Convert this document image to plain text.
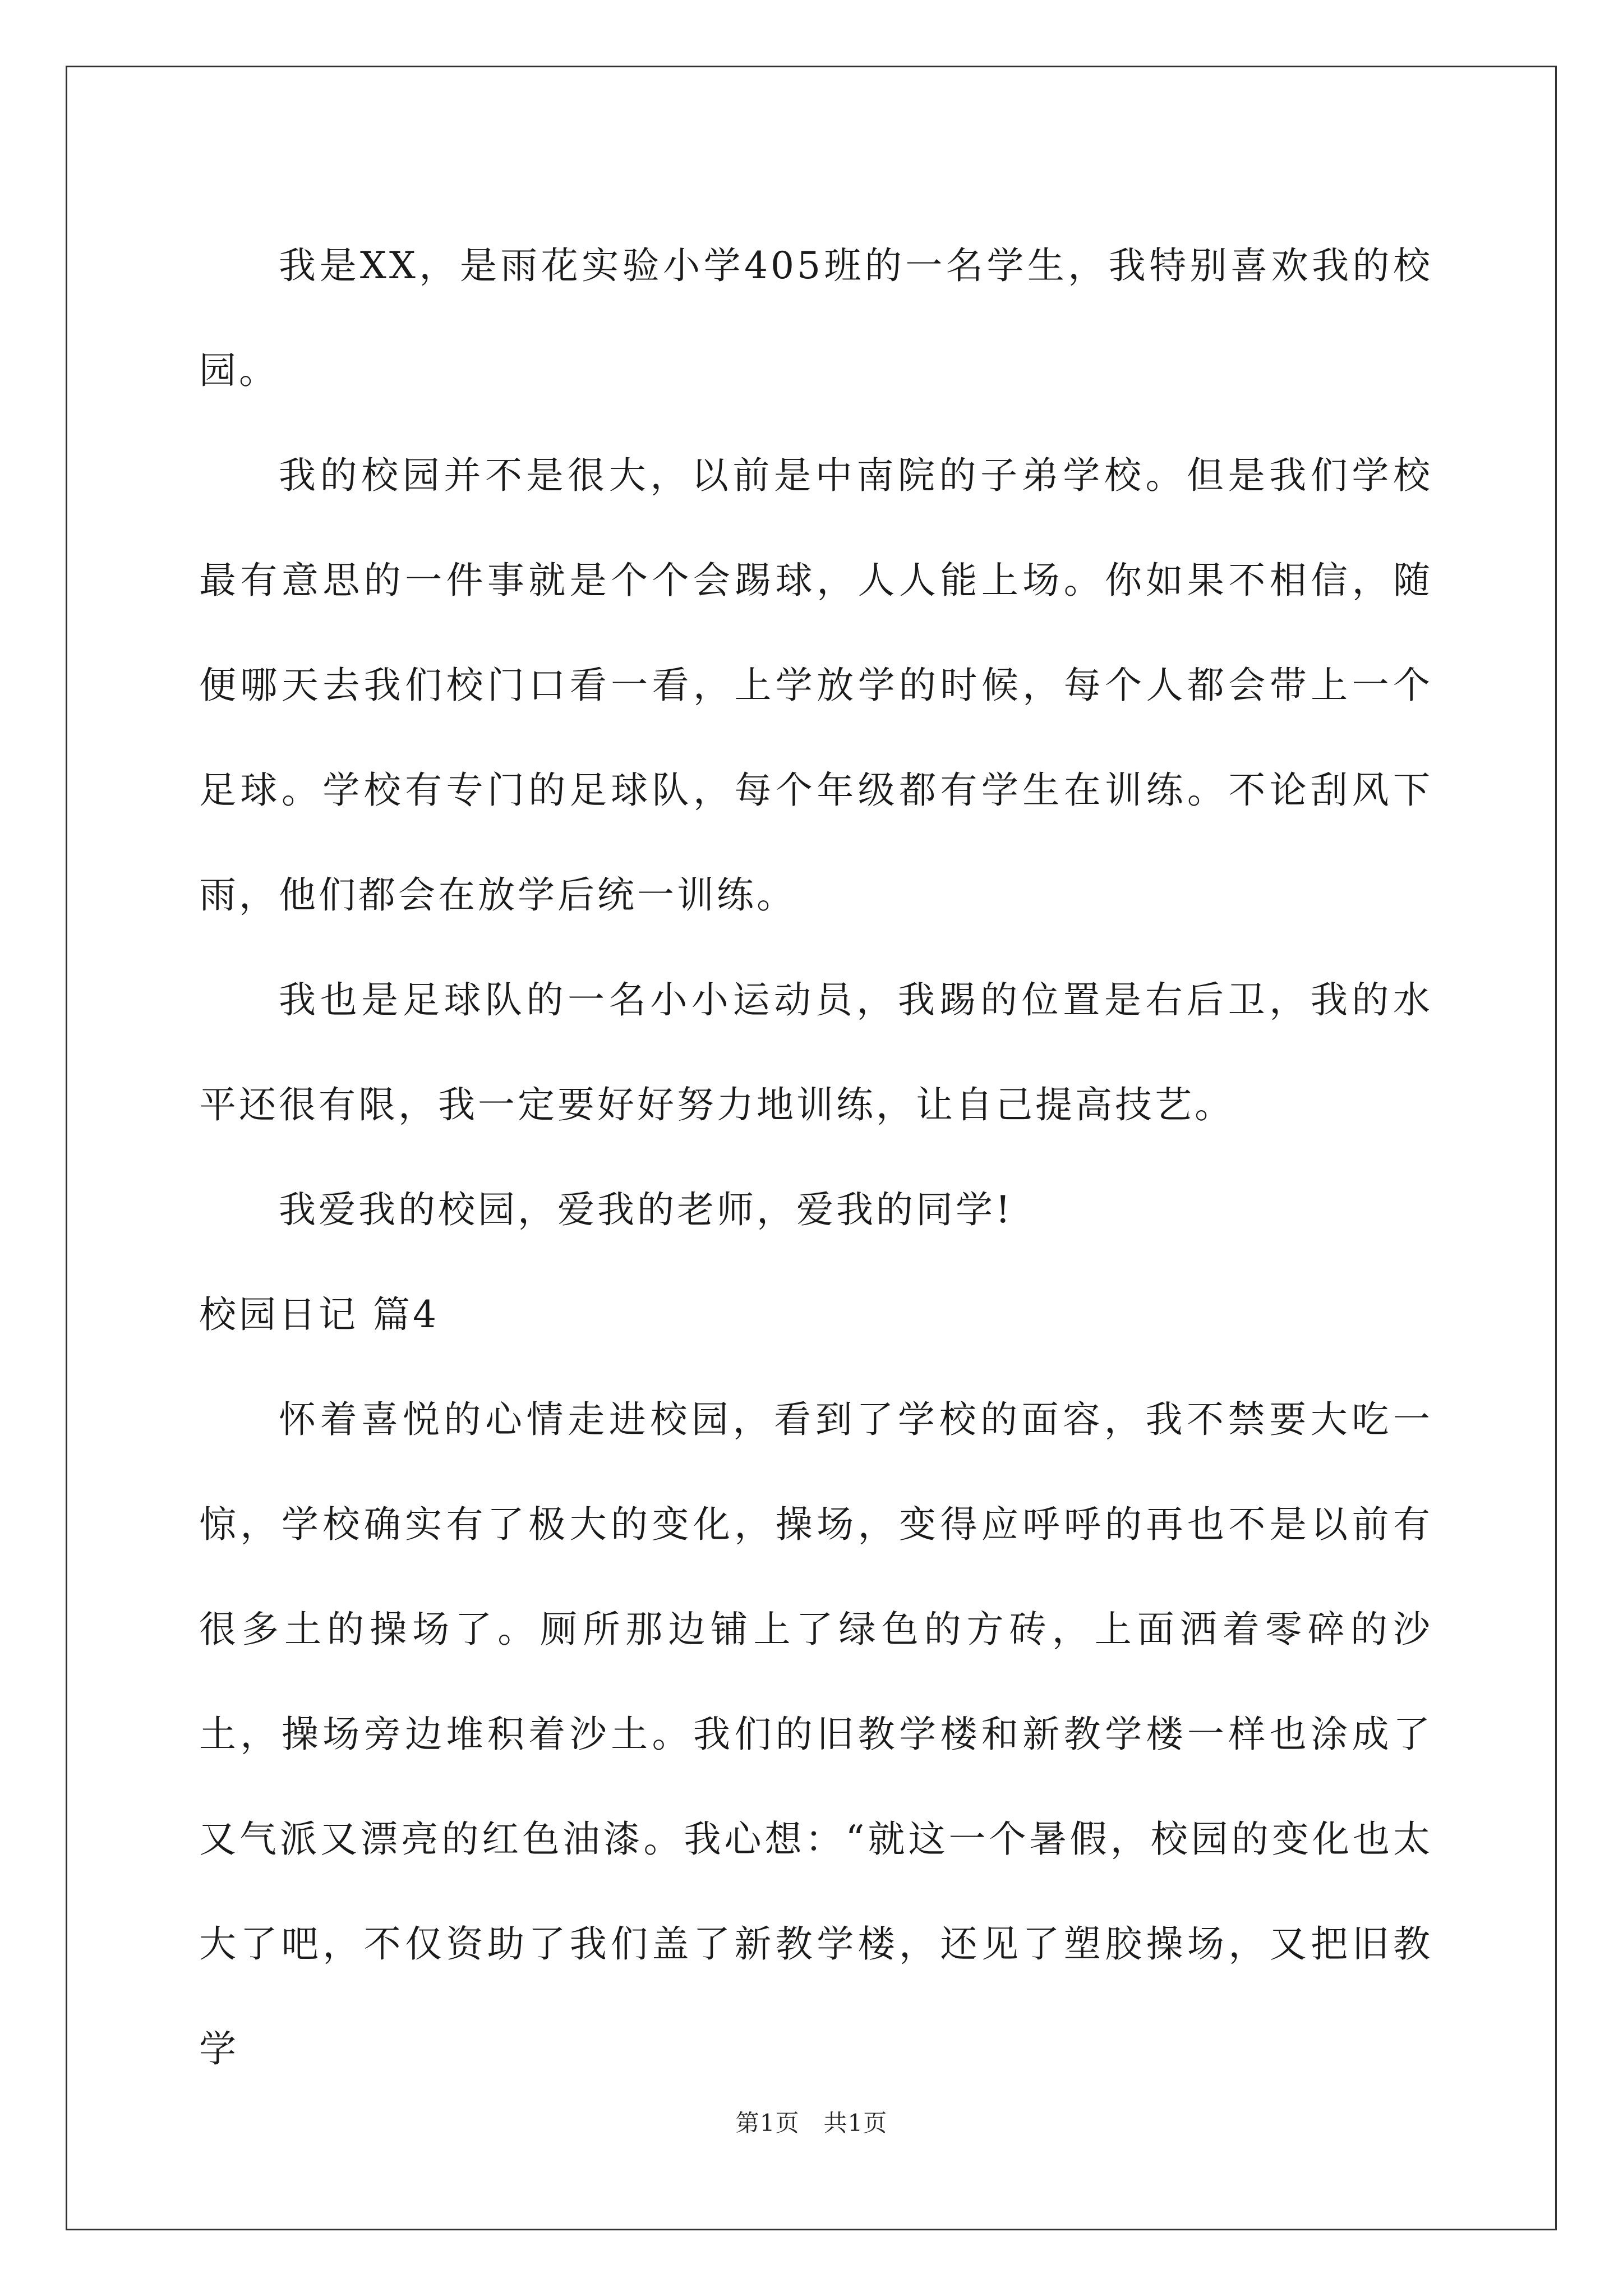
我是XX，是雨花实验小学405班的一名学生，我特别喜欢我的校园。

我的校园并不是很大，以前是中南院的子弟学校。但是我们学校最有意思的一件事就是个个会踢球，人人能上场。你如果不相信，随便哪天去我们校门口看一看，上学放学的时候，每个人都会带上一个足球。学校有专门的足球队，每个年级都有学生在训练。不论刮风下雨，他们都会在放学后统一训练。

我也是足球队的一名小小运动员，我踢的位置是右后卫，我的水平还很有限，我一定要好好努力地训练，让自己提高技艺。

我爱我的校园，爱我的老师，爱我的同学!

校园日记 篇4

怀着喜悦的心情走进校园，看到了学校的面容，我不禁要大吃一惊，学校确实有了极大的变化，操场，变得应呼呼的再也不是以前有很多土的操场了。厕所那边铺上了绿色的方砖，上面洒着零碎的沙土，操场旁边堆积着沙土。我们的旧教学楼和新教学楼一样也涂成了又气派又漂亮的红色油漆。我心想：“就这一个暑假，校园的变化也太大了吧，不仅资助了我们盖了新教学楼，还见了塑胶操场，又把旧教学

第1页　共1页
